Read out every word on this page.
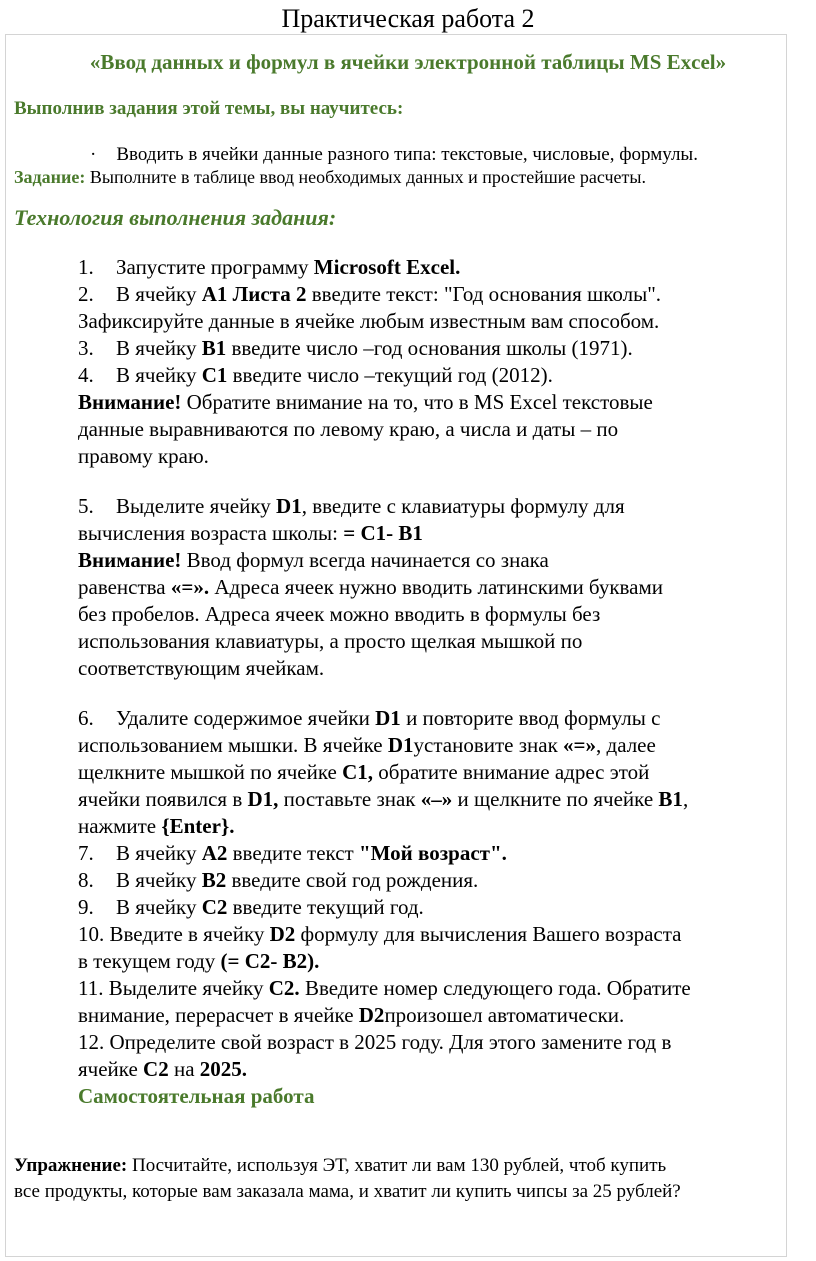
Практическая работа 2
«Ввод данных и формул в ячейки электронной таблицы MS Excel»
Выполнив задания этой темы, вы научитесь:
· Вводить в ячейки данные разного типа: текстовые, числовые, формулы.
Задание: Выполните в таблице ввод необходимых данных и простейшие расчеты.
Технология выполнения задания:

1. Запустите программу Microsoft Excel.

2. В ячейку A1 Листа 2 введите текст: "Год основания школы".

Зафиксируйте данные в ячейке любым известным вам способом.

3. В ячейку B1 введите число –год основания школы (1971).

4. В ячейку C1 введите число –текущий год (2012).

Внимание! Обратите внимание на то, что в MS Excel текстовые

данные выравниваются по левому краю, а числа и даты – по

правому краю.

5. Выделите ячейку D1, введите с клавиатуры формулу для

вычисления возраста школы: = C1- B1

Внимание! Ввод формул всегда начинается со знака

равенства «=». Адреса ячеек нужно вводить латинскими буквами

без пробелов. Адреса ячеек можно вводить в формулы без

использования клавиатуры, а просто щелкая мышкой по

соответствующим ячейкам.

6. Удалите содержимое ячейки D1 и повторите ввод формулы с

использованием мышки. В ячейке D1установите знак «=», далее

щелкните мышкой по ячейке C1, обратите внимание адрес этой

ячейки появился в D1, поставьте знак «–» и щелкните по ячейке B1,

нажмите {Enter}.

7. В ячейку A2 введите текст "Мой возраст".

8. В ячейку B2 введите свой год рождения.

9. В ячейку C2 введите текущий год.

10. Введите в ячейку D2 формулу для вычисления Вашего возраста

в текущем году (= C2- B2).

11. Выделите ячейку C2. Введите номер следующего года. Обратите

внимание, перерасчет в ячейке D2произошел автоматически.

12. Определите свой возраст в 2025 году. Для этого замените год в

ячейке C2 на 2025.

Самостоятельная работа

Упражнение: Посчитайте, используя ЭТ, хватит ли вам 130 рублей, чтоб купить

все продукты, которые вам заказала мама, и хватит ли купить чипсы за 25 рублей?
